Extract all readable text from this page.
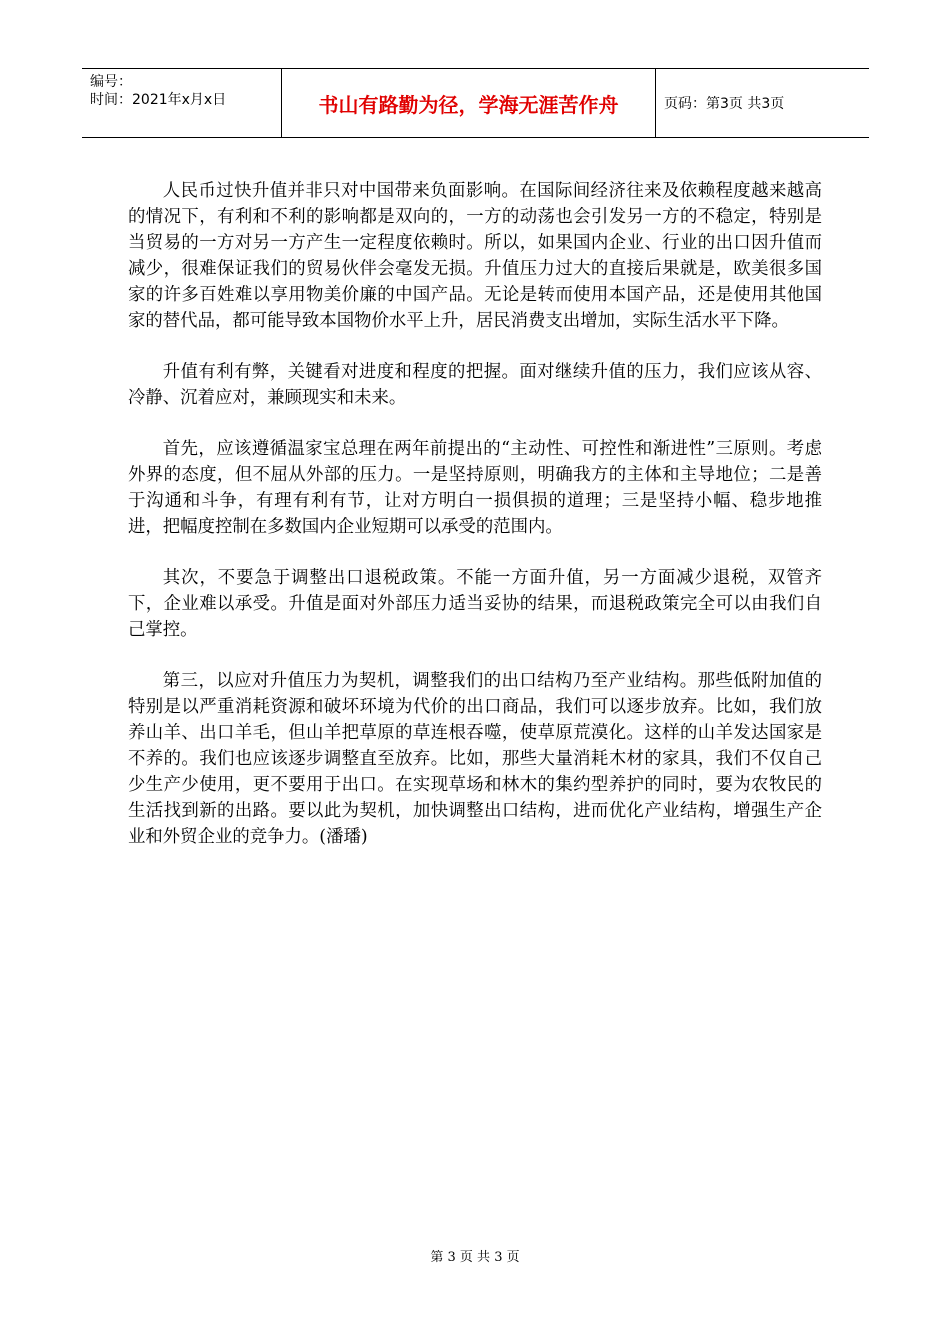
编号：
时间：2021年x月x日	书山有路勤为径，学海无涯苦作舟	页码：第3页 共3页

人民币过快升值并非只对中国带来负面影响。在国际间经济往来及依赖程度越来越高的情况下，有利和不利的影响都是双向的，一方的动荡也会引发另一方的不稳定，特别是当贸易的一方对另一方产生一定程度依赖时。所以，如果国内企业、行业的出口因升值而减少，很难保证我们的贸易伙伴会毫发无损。升值压力过大的直接后果就是，欧美很多国家的许多百姓难以享用物美价廉的中国产品。无论是转而使用本国产品，还是使用其他国家的替代品，都可能导致本国物价水平上升，居民消费支出增加，实际生活水平下降。

升值有利有弊，关键看对进度和程度的把握。面对继续升值的压力，我们应该从容、冷静、沉着应对，兼顾现实和未来。

首先，应该遵循温家宝总理在两年前提出的“主动性、可控性和渐进性”三原则。考虑外界的态度，但不屈从外部的压力。一是坚持原则，明确我方的主体和主导地位；二是善于沟通和斗争，有理有利有节，让对方明白一损俱损的道理；三是坚持小幅、稳步地推进，把幅度控制在多数国内企业短期可以承受的范围内。

其次，不要急于调整出口退税政策。不能一方面升值，另一方面减少退税，双管齐下，企业难以承受。升值是面对外部压力适当妥协的结果，而退税政策完全可以由我们自己掌控。

第三，以应对升值压力为契机，调整我们的出口结构乃至产业结构。那些低附加值的特别是以严重消耗资源和破坏环境为代价的出口商品，我们可以逐步放弃。比如，我们放养山羊、出口羊毛，但山羊把草原的草连根吞噬，使草原荒漠化。这样的山羊发达国家是不养的。我们也应该逐步调整直至放弃。比如，那些大量消耗木材的家具，我们不仅自己少生产少使用，更不要用于出口。在实现草场和林木的集约型养护的同时，要为农牧民的生活找到新的出路。要以此为契机，加快调整出口结构，进而优化产业结构，增强生产企业和外贸企业的竞争力。(潘璠)

第 3 页 共 3 页
